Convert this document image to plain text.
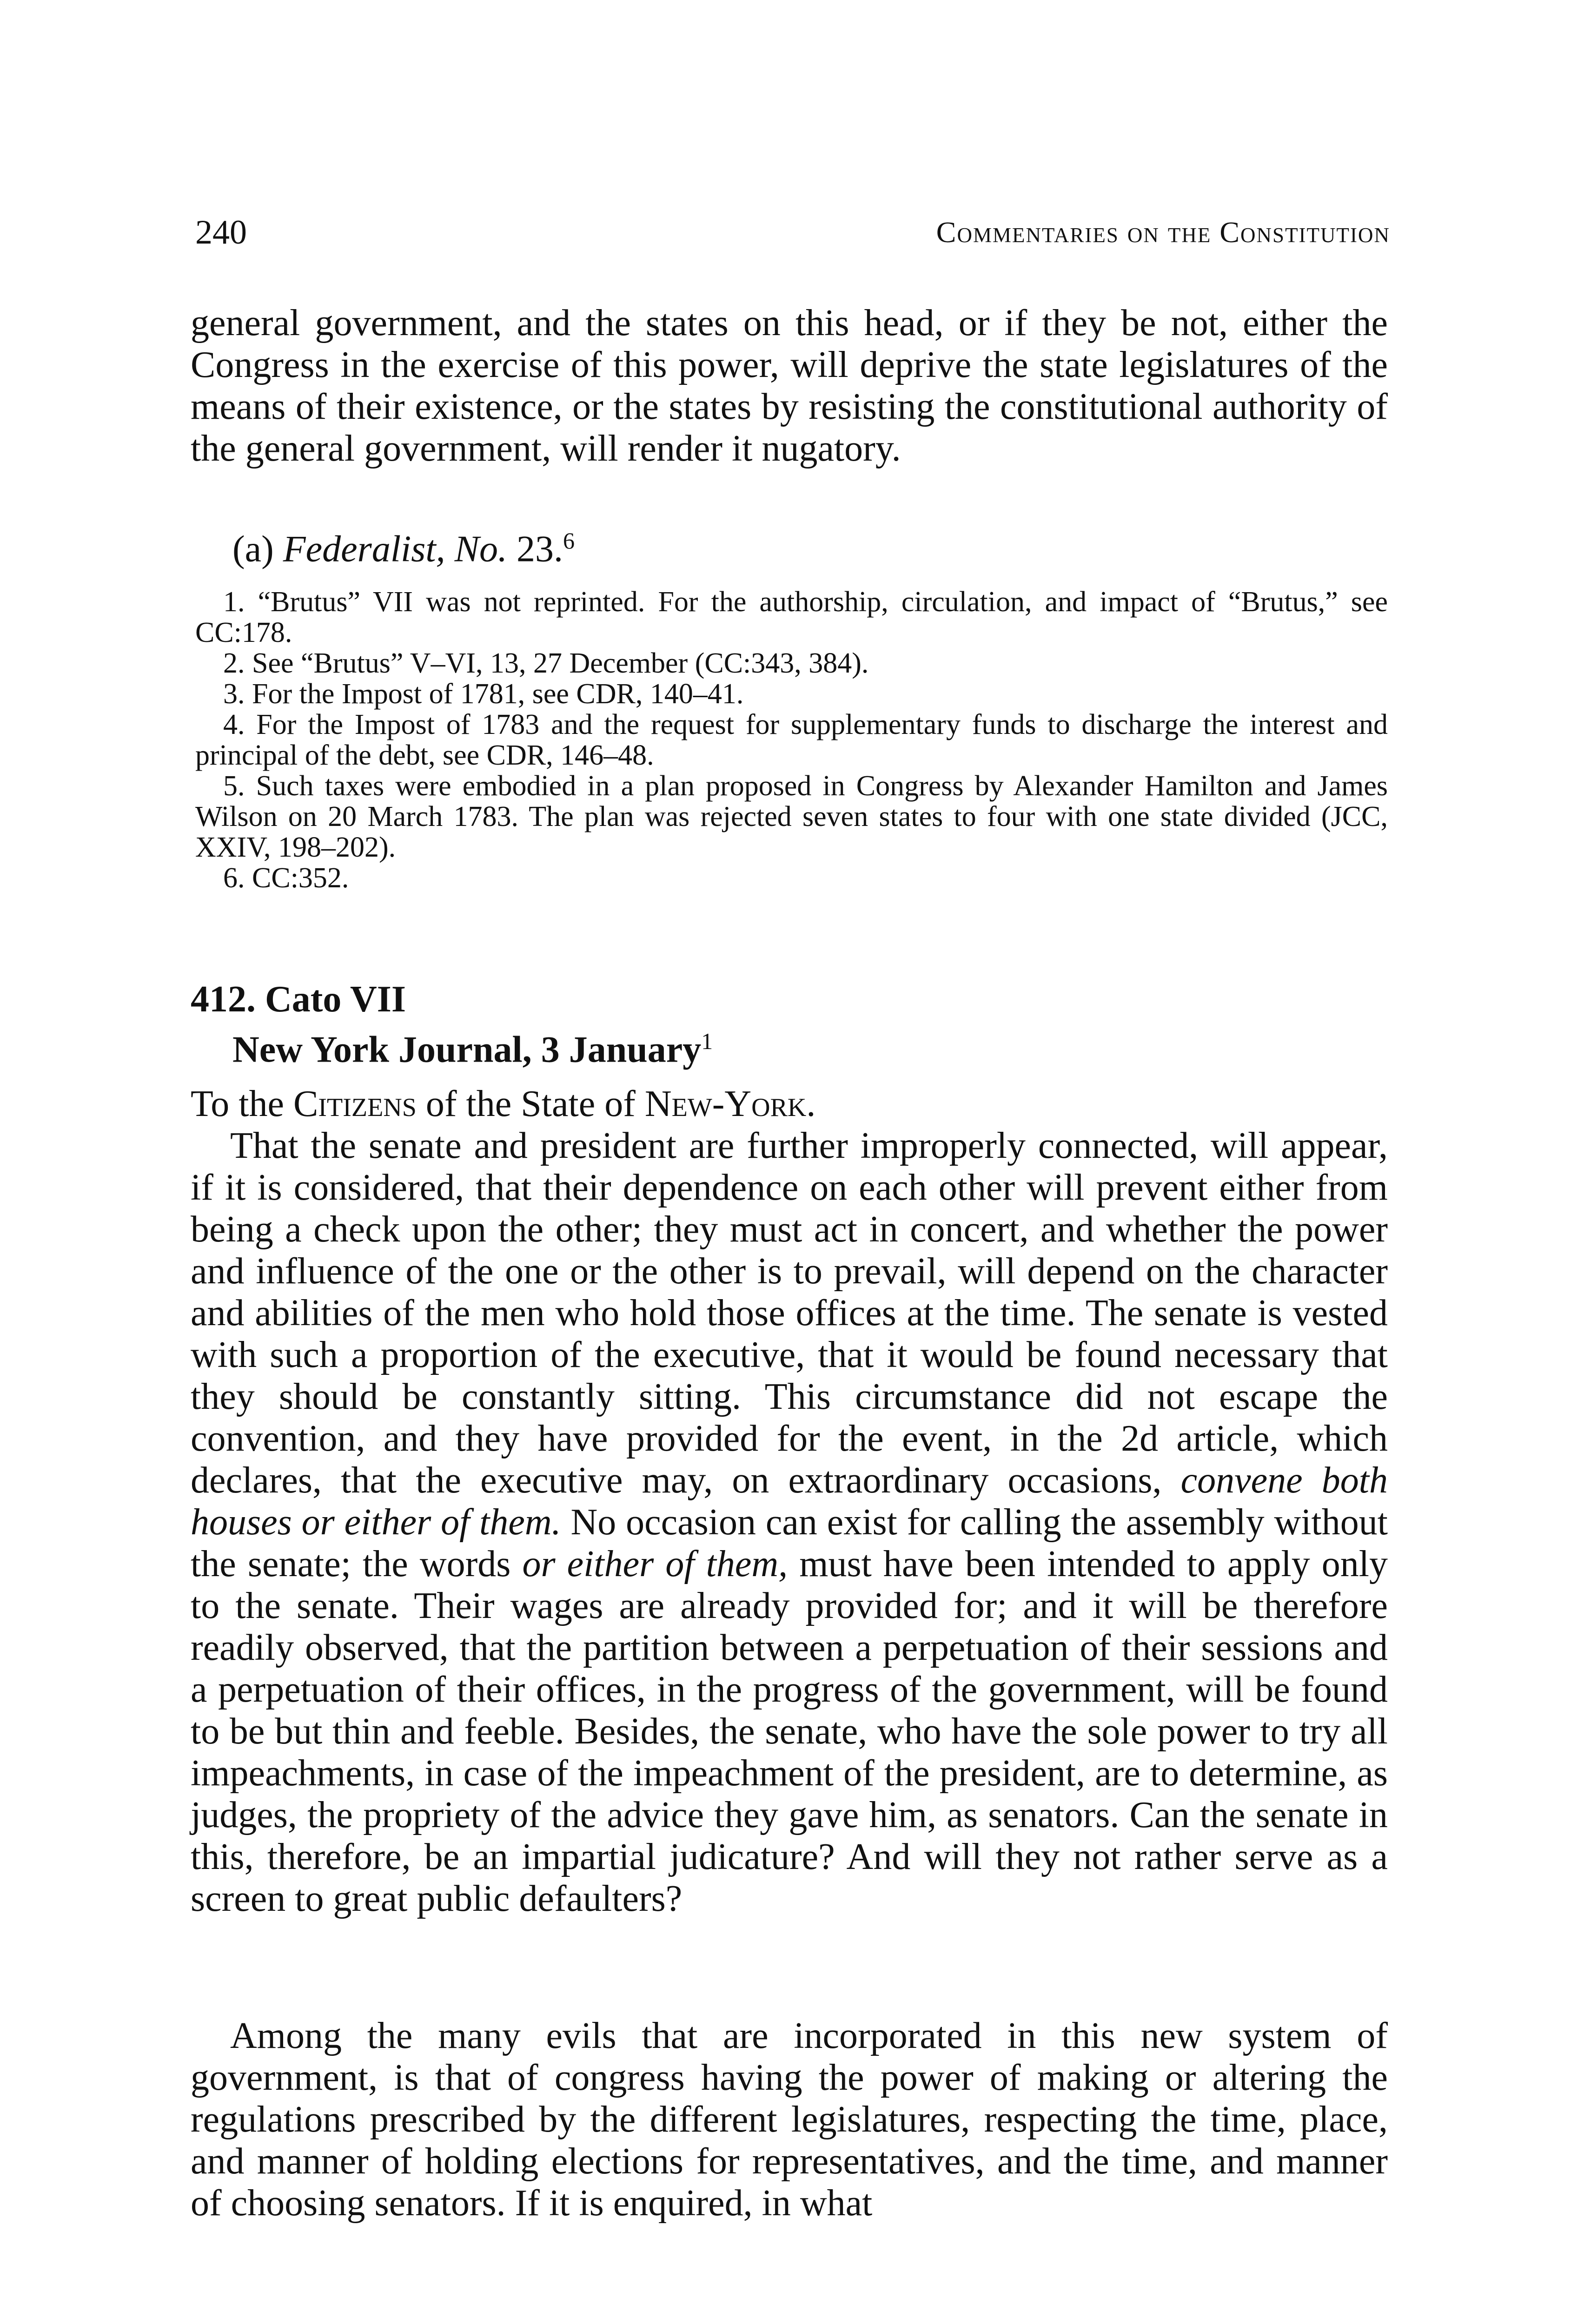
240	Commentaries on the Constitution

general government, and the states on this head, or if they be not, either the Congress in the exercise of this power, will deprive the state legislatures of the means of their existence, or the states by resisting the constitutional authority of the general government, will render it nugatory.

(a) Federalist, No. 23.$^6$

1. “Brutus” VII was not reprinted. For the authorship, circulation, and impact of “Brutus,” see CC:178.
2. See “Brutus” V–VI, 13, 27 December (CC:343, 384).
3. For the Impost of 1781, see CDR, 140–41.
4. For the Impost of 1783 and the request for supplementary funds to discharge the interest and principal of the debt, see CDR, 146–48.
5. Such taxes were embodied in a plan proposed in Congress by Alexander Hamilton and James Wilson on 20 March 1783. The plan was rejected seven states to four with one state divided (JCC, XXIV, 198–202).
6. CC:352.
412. Cato VII
New York Journal, 3 January$^1$

To the Citizens of the State of New-York.

That the senate and president are further improperly connected, will appear, if it is considered, that their dependence on each other will prevent either from being a check upon the other; they must act in concert, and whether the power and influence of the one or the other is to prevail, will depend on the character and abilities of the men who hold those offices at the time. The senate is vested with such a proportion of the executive, that it would be found necessary that they should be constantly sitting. This circumstance did not escape the convention, and they have provided for the event, in the 2d article, which declares, that the executive may, on extraordinary occasions, convene both houses or either of them. No occasion can exist for calling the assembly without the senate; the words or either of them, must have been intended to apply only to the senate. Their wages are already provided for; and it will be therefore readily observed, that the partition between a perpetuation of their sessions and a perpetuation of their offices, in the progress of the government, will be found to be but thin and feeble. Besides, the senate, who have the sole power to try all impeachments, in case of the impeachment of the president, are to determine, as judges, the propriety of the advice they gave him, as senators. Can the senate in this, therefore, be an impartial judicature? And will they not rather serve as a screen to great public defaulters?

Among the many evils that are incorporated in this new system of government, is that of congress having the power of making or altering the regulations prescribed by the different legislatures, respecting the time, place, and manner of holding elections for representatives, and the time, and manner of choosing senators. If it is enquired, in what
